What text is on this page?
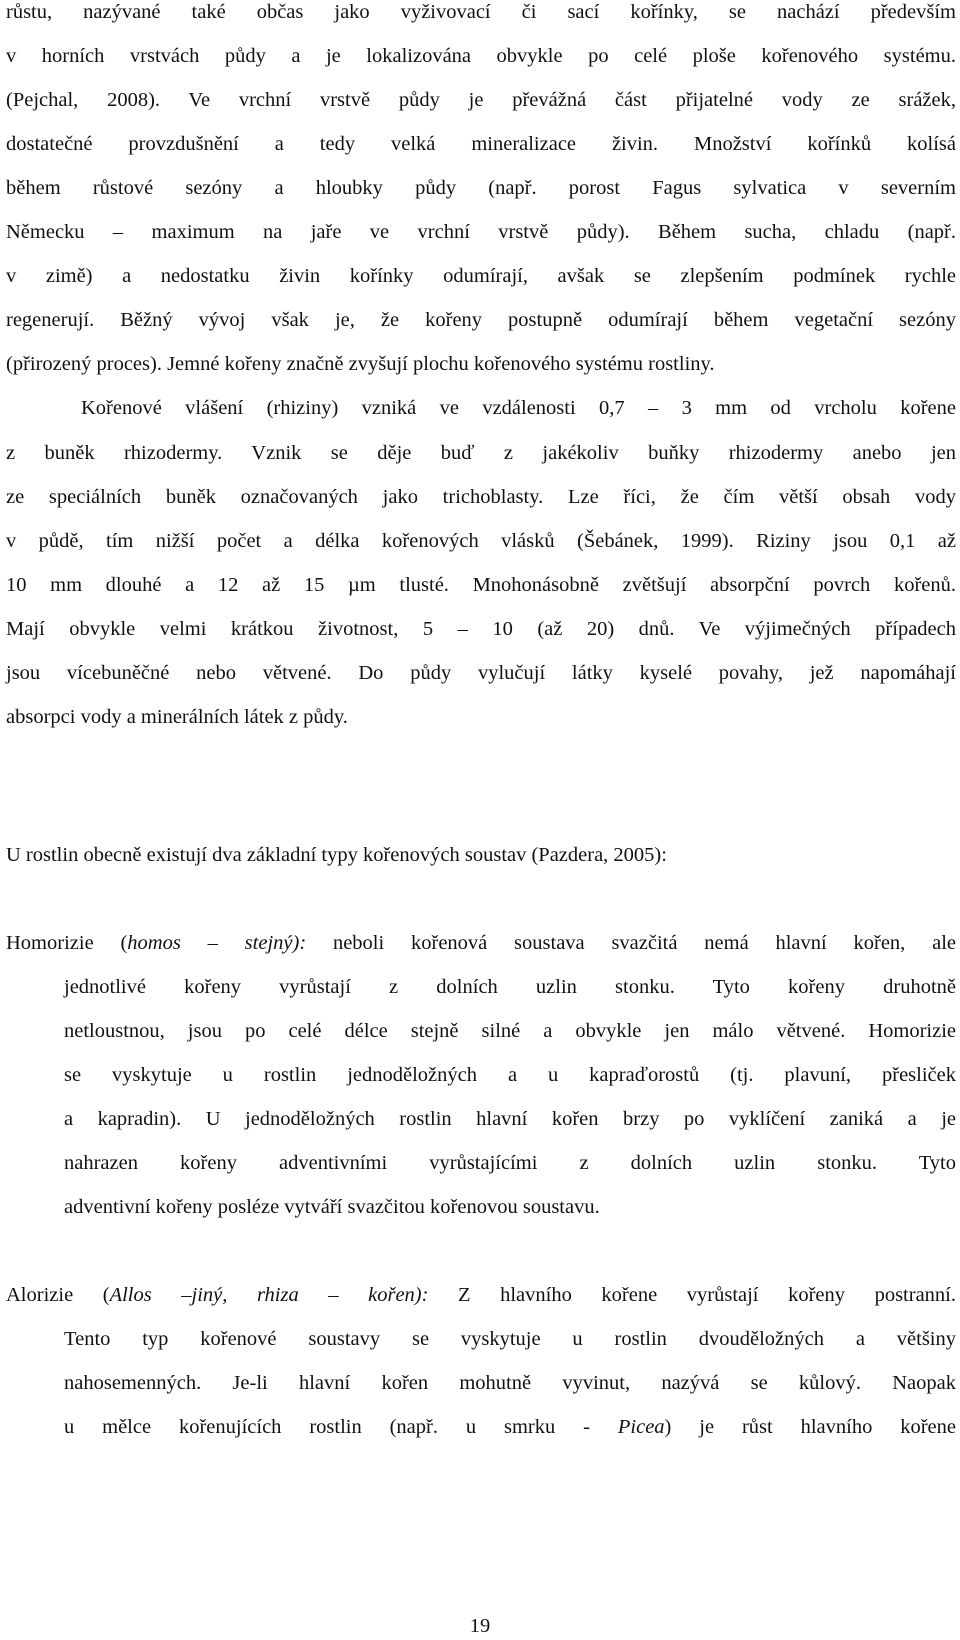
růstu, nazývané také občas jako vyživovací či sací kořínky, se nachází především
v horních vrstvách půdy a je lokalizována obvykle po celé ploše kořenového systému.
(Pejchal, 2008). Ve vrchní vrstvě půdy je převážná část přijatelné vody ze srážek,
dostatečné provzdušnění a tedy velká mineralizace živin. Množství kořínků kolísá
během růstové sezóny a hloubky půdy (např. porost Fagus sylvatica v severním
Německu – maximum na jaře ve vrchní vrstvě půdy). Během sucha, chladu (např.
v zimě) a nedostatku živin kořínky odumírají, avšak se zlepšením podmínek rychle
regenerují. Běžný vývoj však je, že kořeny postupně odumírají během vegetační sezóny
(přirozený proces). Jemné kořeny značně zvyšují plochu kořenového systému rostliny.
Kořenové vlášení (rhiziny) vzniká ve vzdálenosti 0,7 – 3 mm od vrcholu kořene
z buněk rhizodermy. Vznik se děje buď z jakékoliv buňky rhizodermy anebo jen
ze speciálních buněk označovaných jako trichoblasty. Lze říci, že čím větší obsah vody
v půdě, tím nižší počet a délka kořenových vlásků (Šebánek, 1999). Riziny jsou 0,1 až
10 mm dlouhé a 12 až 15 µm tlusté. Mnohonásobně zvětšují absorpční povrch kořenů.
Mají obvykle velmi krátkou životnost, 5 – 10 (až 20) dnů. Ve výjimečných případech
jsou vícebuněčné nebo větvené. Do půdy vylučují látky kyselé povahy, jež napomáhají
absorpci vody a minerálních látek z půdy.
U rostlin obecně existují dva základní typy kořenových soustav (Pazdera, 2005):
Homorizie (homos – stejný): neboli kořenová soustava svazčitá nemá hlavní kořen, ale
jednotlivé kořeny vyrůstají z dolních uzlin stonku. Tyto kořeny druhotně
netloustnou, jsou po celé délce stejně silné a obvykle jen málo větvené. Homorizie
se vyskytuje u rostlin jednoděložných a u kapraďorostů (tj. plavuní, přesliček
a kapradin). U jednoděložných rostlin hlavní kořen brzy po vyklíčení zaniká a je
nahrazen kořeny adventivními vyrůstajícími z dolních uzlin stonku. Tyto
adventivní kořeny posléze vytváří svazčitou kořenovou soustavu.
Alorizie (Allos –jiný, rhiza – kořen): Z hlavního kořene vyrůstají kořeny postranní.
Tento typ kořenové soustavy se vyskytuje u rostlin dvouděložných a většiny
nahosemenných. Je-li hlavní kořen mohutně vyvinut, nazývá se kůlový. Naopak
u mělce kořenujících rostlin (např. u smrku - Picea) je růst hlavního kořene
19
